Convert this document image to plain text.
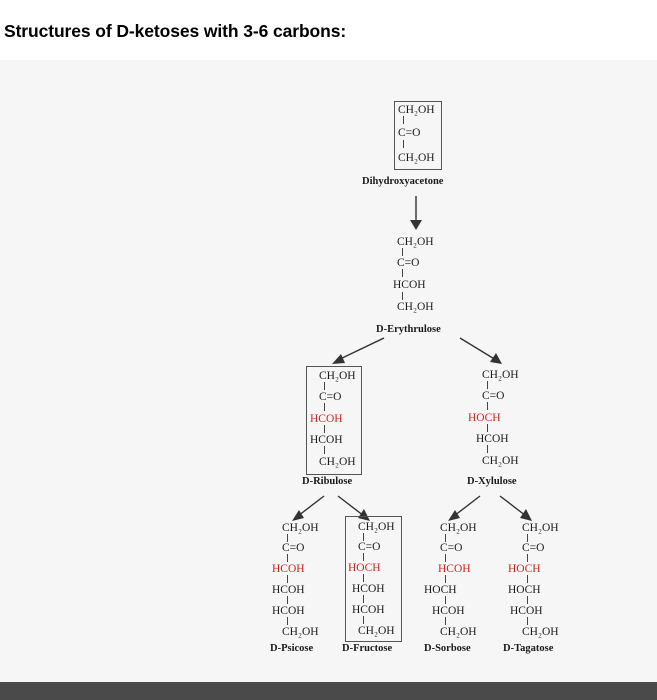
Structures of D-ketoses with 3-6 carbons:
CH₂OH
C=O
CH₂OH
Dihydroxyacetone
CH₂OH
C=O
HCOH
CH₂OH
D-Erythrulose
CH₂OH
C=O
HCOH
HCOH
CH₂OH
D-Ribulose
CH₂OH
C=O
HOCH
HCOH
CH₂OH
D-Xylulose
CH₂OH
C=O
HCOH
HCOH
HCOH
CH₂OH
D-Psicose
CH₂OH
C=O
HOCH
HCOH
HCOH
CH₂OH
D-Fructose
CH₂OH
C=O
HCOH
HOCH
HCOH
CH₂OH
D-Sorbose
CH₂OH
C=O
HOCH
HOCH
HCOH
CH₂OH
D-Tagatose
